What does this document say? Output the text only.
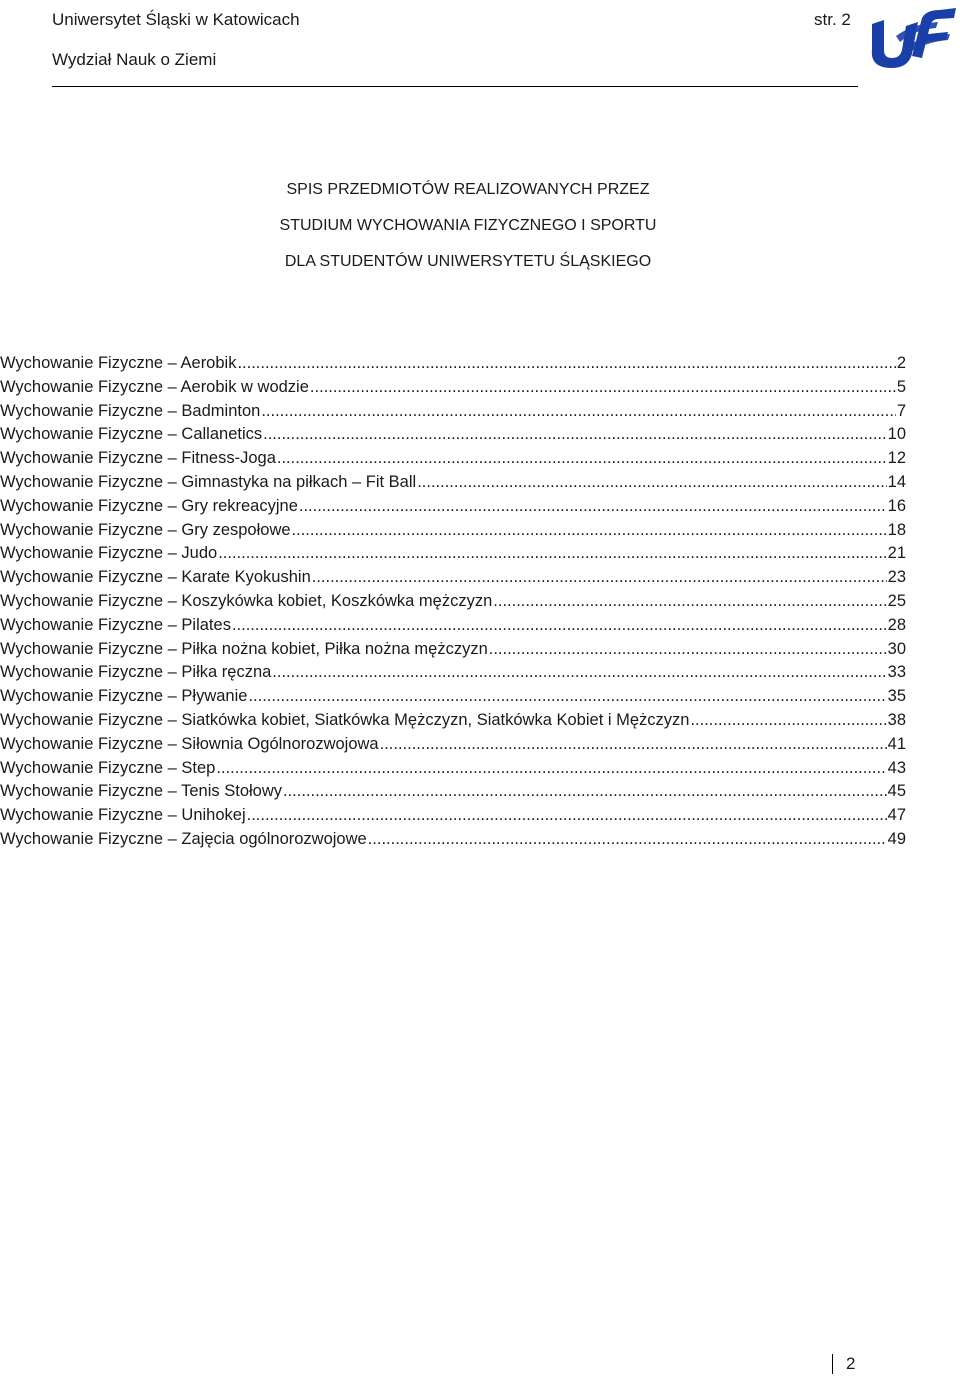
Uniwersytet Śląski w Katowicach
Wydział Nauk o Ziemi
str. 2
SPIS PRZEDMIOTÓW REALIZOWANYCH PRZEZ
STUDIUM WYCHOWANIA FIZYCZNEGO I SPORTU
DLA STUDENTÓW UNIWERSYTETU ŚLĄSKIEGO
Wychowanie Fizyczne – Aerobik .....	2
Wychowanie Fizyczne – Aerobik w wodzie .....	5
Wychowanie Fizyczne – Badminton .....	7
Wychowanie Fizyczne – Callanetics .....	10
Wychowanie Fizyczne – Fitness-Joga .....	12
Wychowanie Fizyczne – Gimnastyka na piłkach – Fit Ball .....	14
Wychowanie Fizyczne – Gry rekreacyjne .....	16
Wychowanie Fizyczne – Gry zespołowe .....	18
Wychowanie Fizyczne – Judo .....	21
Wychowanie Fizyczne – Karate Kyokushin .....	23
Wychowanie Fizyczne – Koszykówka kobiet, Koszkówka mężczyzn .....	25
Wychowanie Fizyczne – Pilates .....	28
Wychowanie Fizyczne – Piłka nożna kobiet, Piłka nożna mężczyzn .....	30
Wychowanie Fizyczne – Piłka ręczna .....	33
Wychowanie Fizyczne – Pływanie .....	35
Wychowanie Fizyczne – Siatkówka kobiet, Siatkówka Mężczyzn, Siatkówka Kobiet i Mężczyzn .....	38
Wychowanie Fizyczne – Siłownia Ogólnorozwojowa .....	41
Wychowanie Fizyczne – Step .....	43
Wychowanie Fizyczne – Tenis Stołowy .....	45
Wychowanie Fizyczne – Unihokej .....	47
Wychowanie Fizyczne – Zajęcia ogólnorozwojowe .....	49
2
